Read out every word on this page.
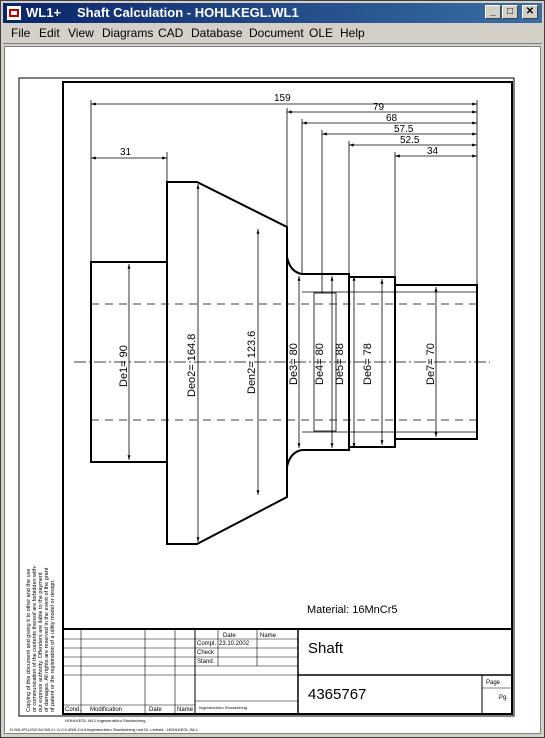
WL1+ Shaft Calculation - HOHLKEGL.WL1	_	□	✕
File Edit View Diagrams CAD Database Document OLE Help
159
79
68
57.5
52.5
34
31
De1= 90	Deo2= 164.8	Den2= 123.6	De3= 80 De4= 80 De5= 88 De6= 78	De7= 70
Material: 16MnCr5
Copying of this document and giving it to other and the use or communication of the contents thereof are forbidden with- out express authority. Offenders are liable to the payment of damages. All rights are reserved in the event of the grant of patent or the registration of a utility model or design.	Date	Name
Compl. 23.10.2002
Check
Stand.
Page
Pg.
Cond. Modification	Date	Name Ingenieurbüro Stockenberg
Shaft
4365767
HOHLKEGL.WL1 Ingenieurbüro Stockenberg
D:\WL1PLUS\2.94-\WL1+ \1.0.0.4\WL1\\Lit Ingenieurbüro Stockenberg und Dr. Liebold - HOHLKEGL.WL1
